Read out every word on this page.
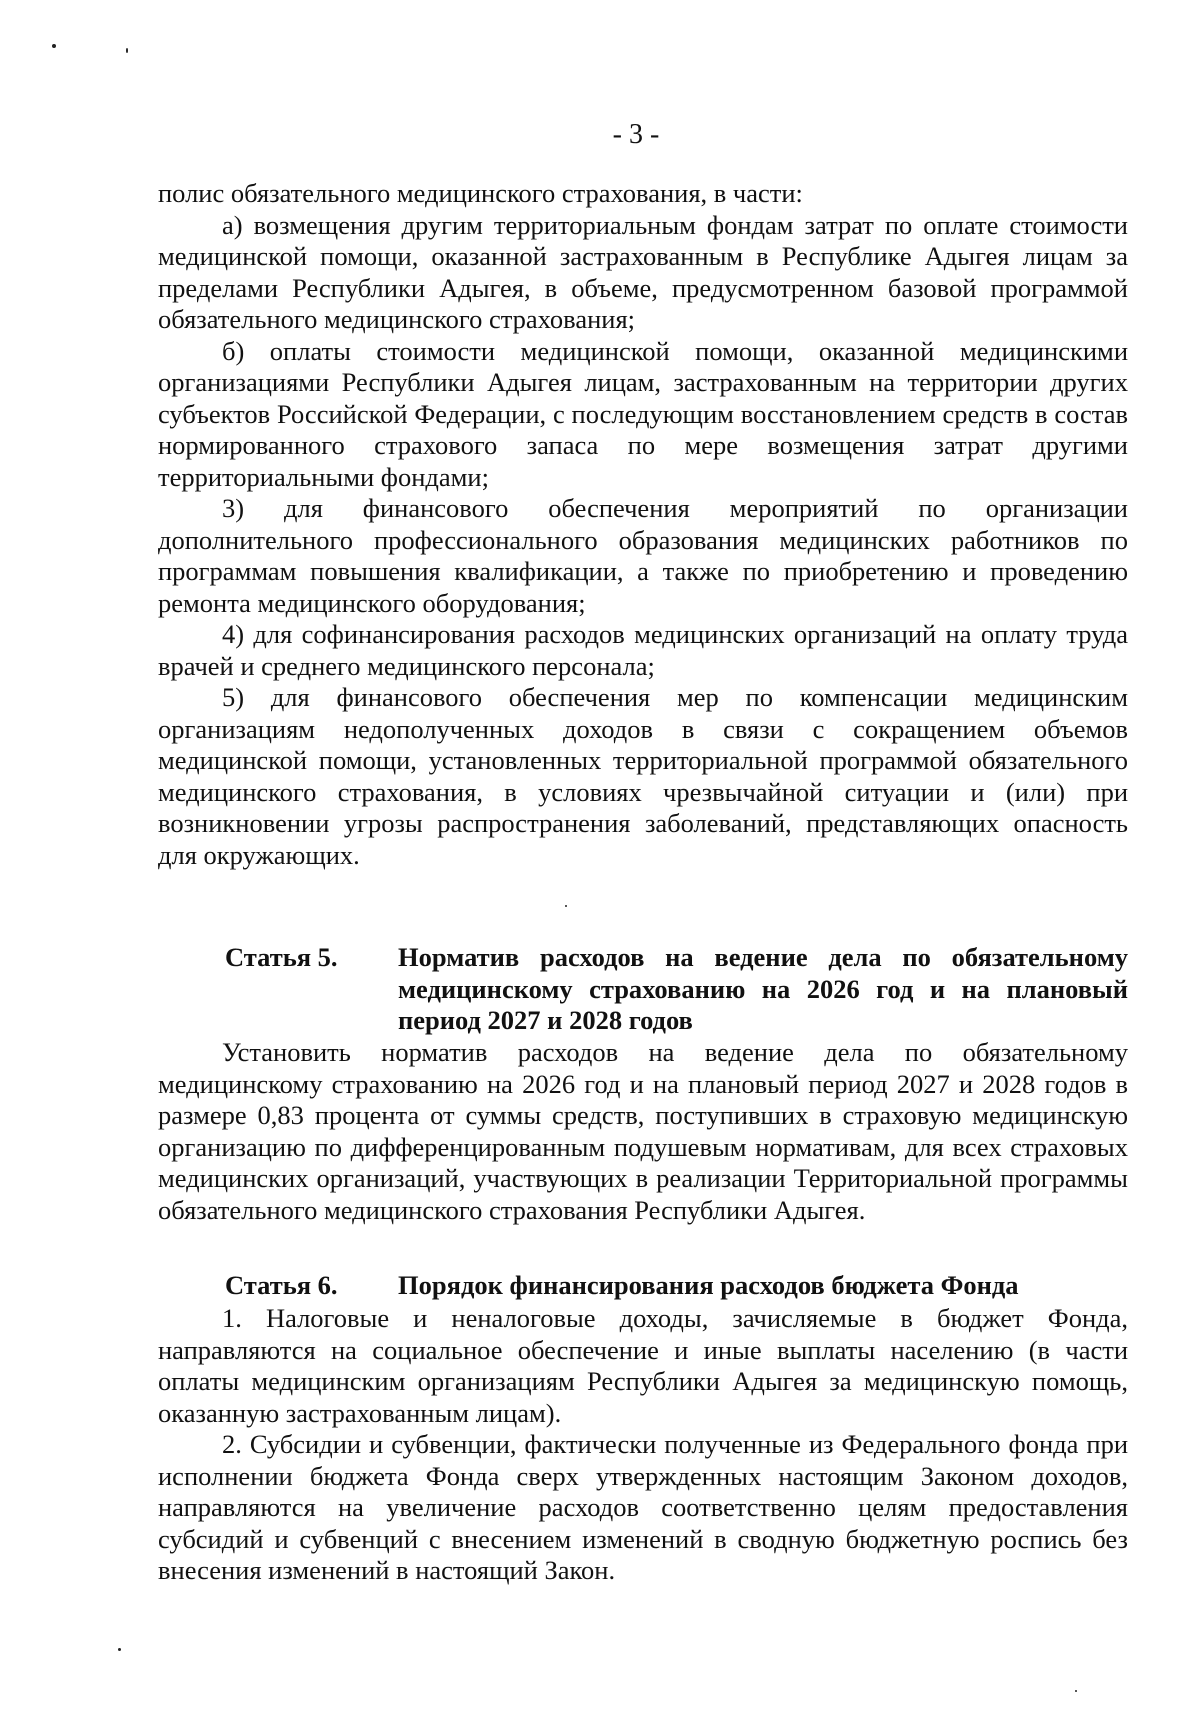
- 3 -

полис обязательного медицинского страхования, в части:

а) возмещения другим территориальным фондам затрат по оплате стоимости медицинской помощи, оказанной застрахованным в Республике Адыгея лицам за пределами Республики Адыгея, в объеме, предусмотренном базовой программой обязательного медицинского страхования;

б) оплаты стоимости медицинской помощи, оказанной медицинскими организациями Республики Адыгея лицам, застрахованным на территории других субъектов Российской Федерации, с последующим восстановлением средств в состав нормированного страхового запаса по мере возмещения затрат другими территориальными фондами;

3) для финансового обеспечения мероприятий по организации дополнительного профессионального образования медицинских работников по программам повышения квалификации, а также по приобретению и проведению ремонта медицинского оборудования;

4) для софинансирования расходов медицинских организаций на оплату труда врачей и среднего медицинского персонала;

5) для финансового обеспечения мер по компенсации медицинским организациям недополученных доходов в связи с сокращением объемов медицинской помощи, установленных территориальной программой обязательного медицинского страхования, в условиях чрезвычайной ситуации и (или) при возникновении угрозы распространения заболеваний, представляющих опасность для окружающих.

Статья 5. Норматив расходов на ведение дела по обязательному медицинскому страхованию на 2026 год и на плановый период 2027 и 2028 годов

Установить норматив расходов на ведение дела по обязательному медицинскому страхованию на 2026 год и на плановый период 2027 и 2028 годов в размере 0,83 процента от суммы средств, поступивших в страховую медицинскую организацию по дифференцированным подушевым нормативам, для всех страховых медицинских организаций, участвующих в реализации Территориальной программы обязательного медицинского страхования Республики Адыгея.

Статья 6. Порядок финансирования расходов бюджета Фонда

1. Налоговые и неналоговые доходы, зачисляемые в бюджет Фонда, направляются на социальное обеспечение и иные выплаты населению (в части оплаты медицинским организациям Республики Адыгея за медицинскую помощь, оказанную застрахованным лицам).

2. Субсидии и субвенции, фактически полученные из Федерального фонда при исполнении бюджета Фонда сверх утвержденных настоящим Законом доходов, направляются на увеличение расходов соответственно целям предоставления субсидий и субвенций с внесением изменений в сводную бюджетную роспись без внесения изменений в настоящий Закон.
